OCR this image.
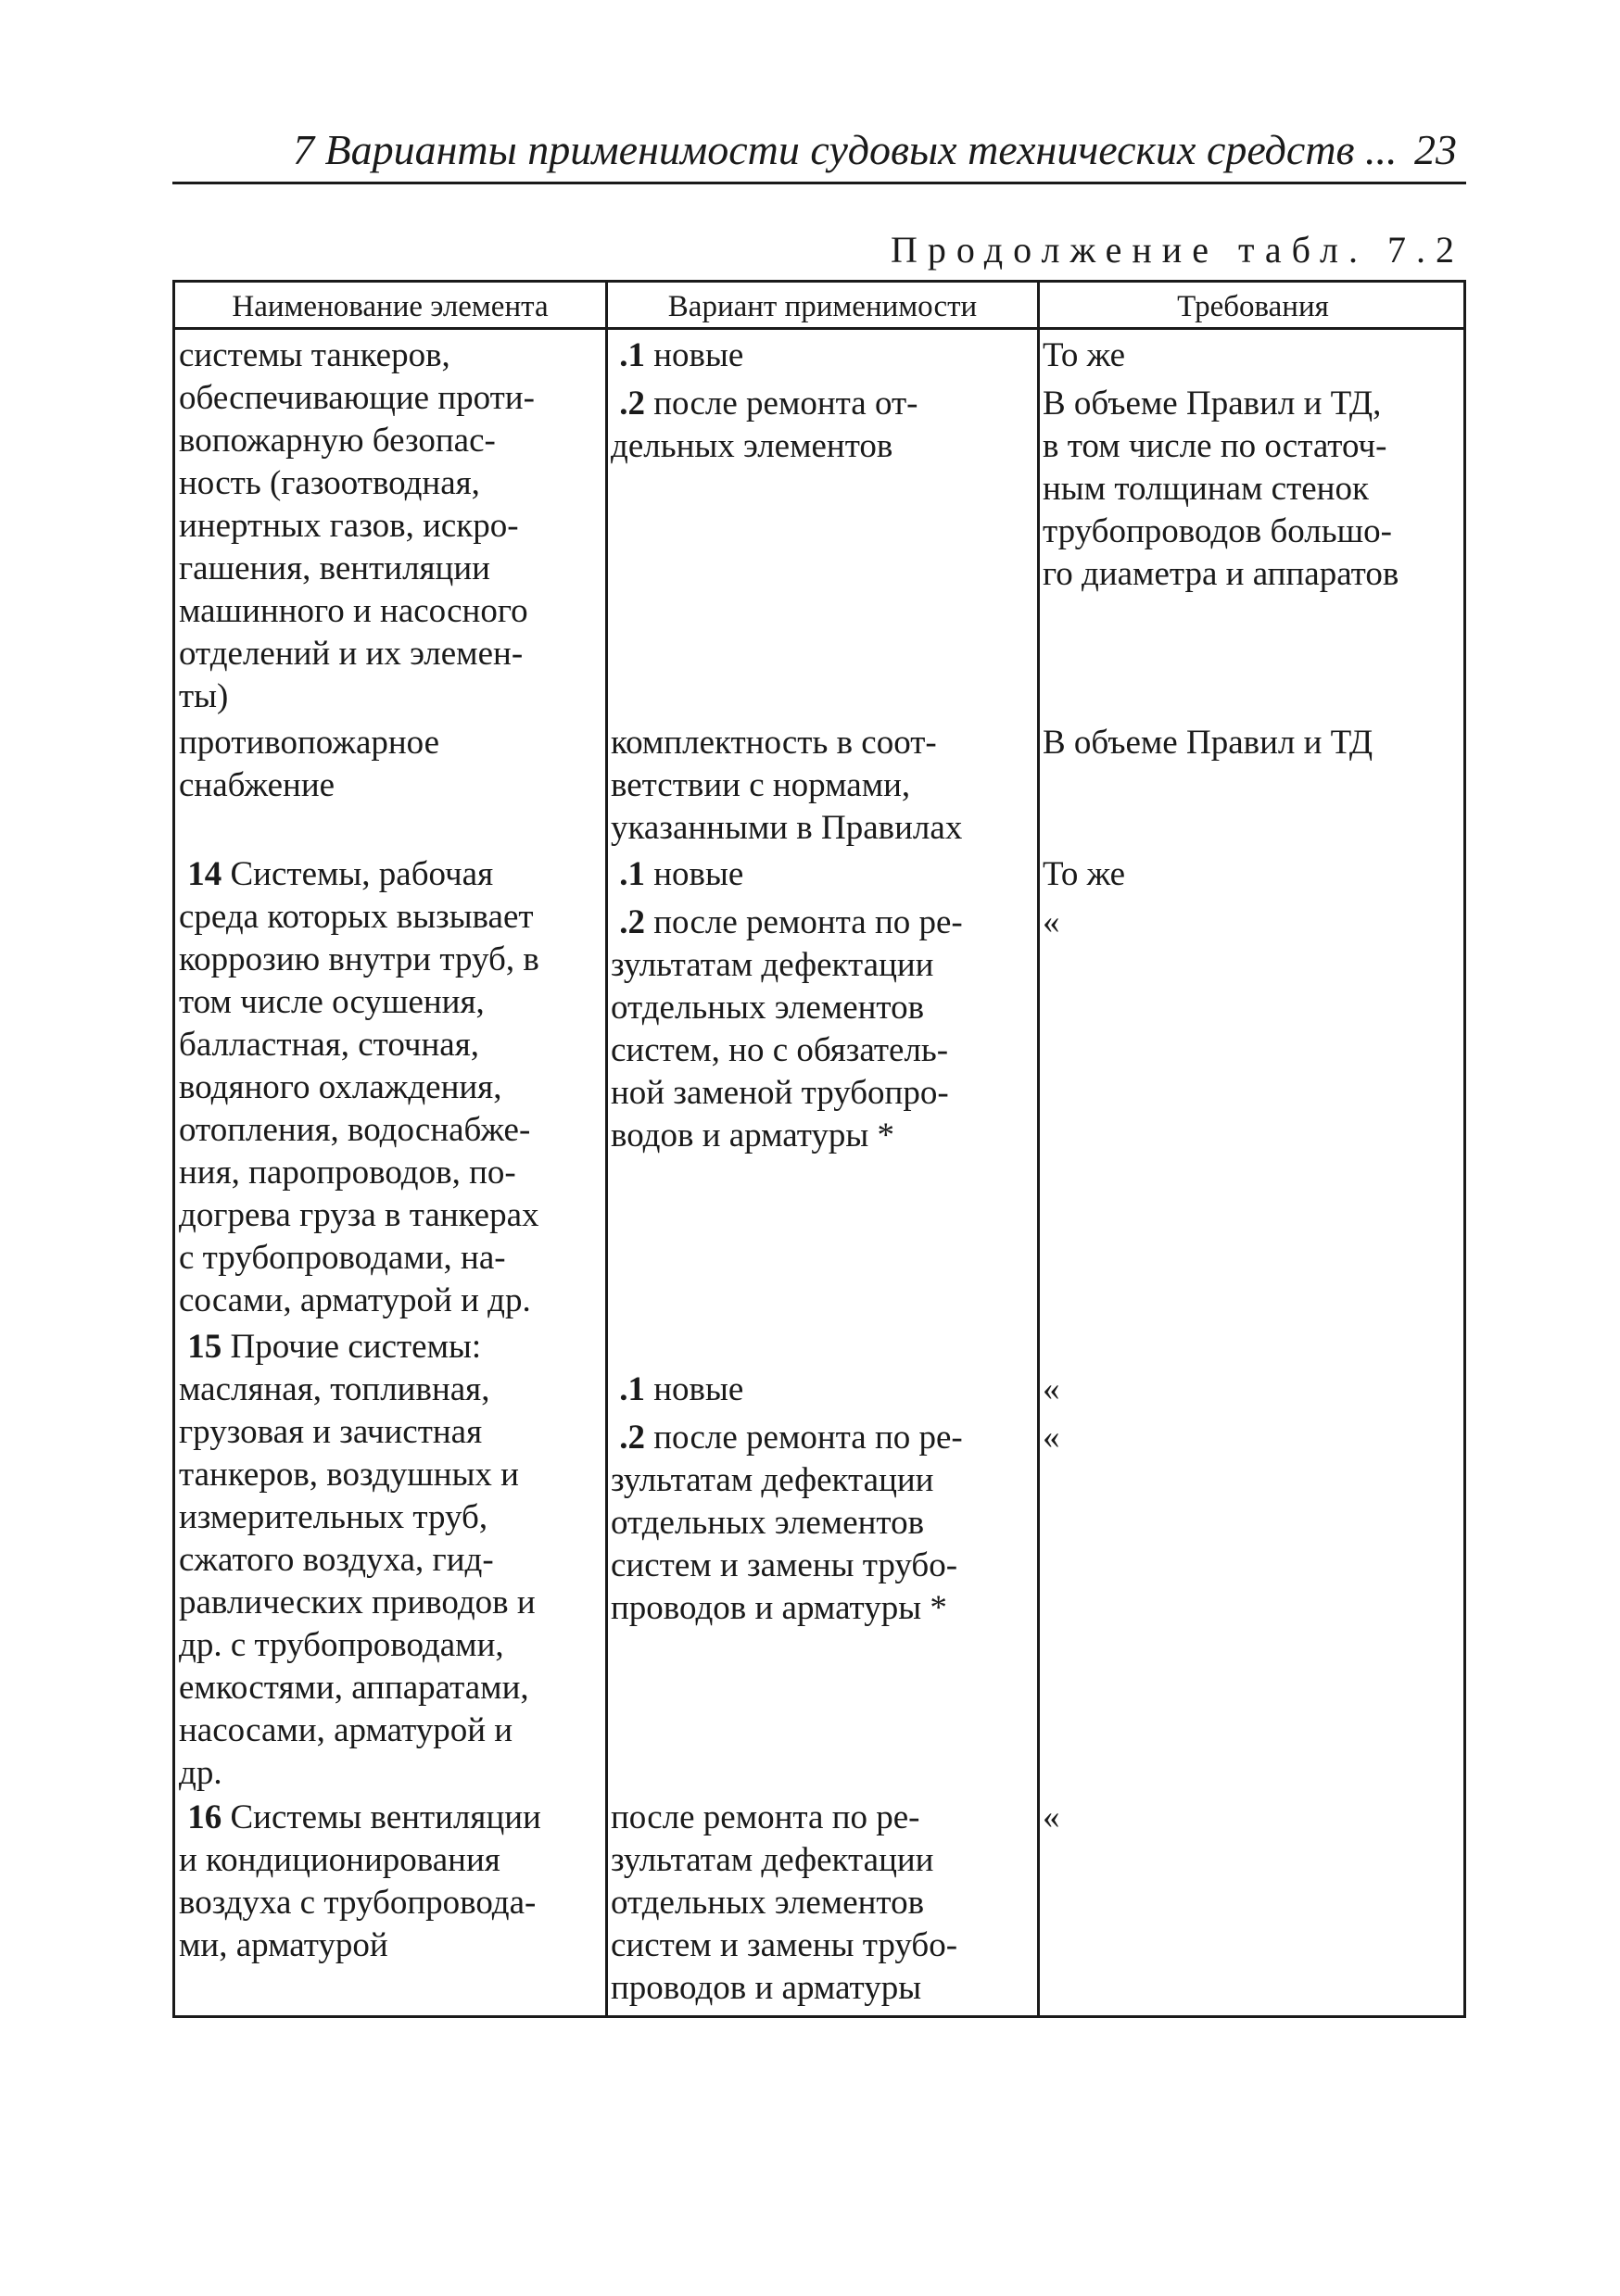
7 Варианты применимости судовых технических средств ... 23
Продолжение табл. 7.2
Наименование элемента	Вариант применимости	Требования

системы танкеров,

обеспечивающие проти-

вопожарную безопас-

ность (газоотводная,

инертных газов, искро-

гашения, вентиляции

машинного и насосного

отделений и их элемен-

ты)

.1 новые

.2 после ремонта от-

дельных элементов

То же

В объеме Правил и ТД,

в том числе по остаточ-

ным толщинам стенок

трубопроводов большо-

го диаметра и аппаратов

противопожарное

снабжение

комплектность в соот-

ветствии с нормами,

указанными в Правилах

В объеме Правил и ТД

14 Системы, рабочая

среда которых вызывает

коррозию внутри труб, в

том числе осушения,

балластная, сточная,

водяного охлаждения,

отопления, водоснабже-

ния, паропроводов, по-

догрева груза в танкерах

с трубопроводами, на-

сосами, арматурой и др.

.1 новые

.2 после ремонта по ре-

зультатам дефектации

отдельных элементов

систем, но с обязатель-

ной заменой трубопро-

водов и арматуры *

То же
«

15 Прочие системы:

масляная, топливная,

грузовая и зачистная

танкеров, воздушных и

измерительных труб,

сжатого воздуха, гид-

равлических приводов и

др. с трубопроводами,

емкостями, аппаратами,

насосами, арматурой и

др.

.1 новые

.2 после ремонта по ре-

зультатам дефектации

отдельных элементов

систем и замены трубо-

проводов и арматуры *

«
«

16 Системы вентиляции

и кондиционирования

воздуха с трубопровода-

ми, арматурой

после ремонта по ре-

зультатам дефектации

отдельных элементов

систем и замены трубо-

проводов и арматуры

«
